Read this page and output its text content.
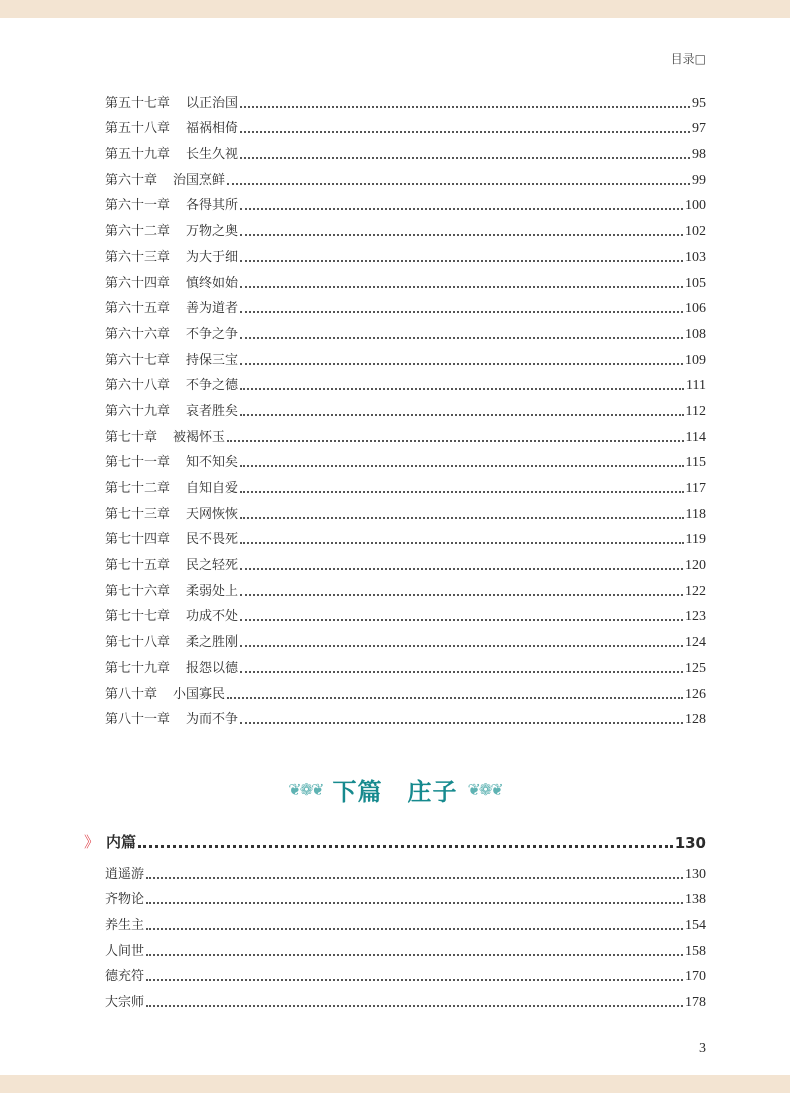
目录□
第五十七章 以正治国	95
第五十八章 福祸相倚	97
第五十九章 长生久视	98
第六十章 治国烹鲜	99
第六十一章 各得其所	100
第六十二章 万物之奥	102
第六十三章 为大于细	103
第六十四章 慎终如始	105
第六十五章 善为道者	106
第六十六章 不争之争	108
第六十七章 持保三宝	109
第六十八章 不争之德	111
第六十九章 哀者胜矣	112
第七十章 被褐怀玉	114
第七十一章 知不知矣	115
第七十二章 自知自爱	117
第七十三章 天网恢恢	118
第七十四章 民不畏死	119
第七十五章 民之轻死	120
第七十六章 柔弱处上	122
第七十七章 功成不处	123
第七十八章 柔之胜刚	124
第七十九章 报怨以德	125
第八十章 小国寡民	126
第八十一章 为而不争	128
❦❁❦ 下篇　庄子 ❦❁❦
》 内篇	130
逍遥游	130
齐物论	138
养生主	154
人间世	158
德充符	170
大宗师	178
3
